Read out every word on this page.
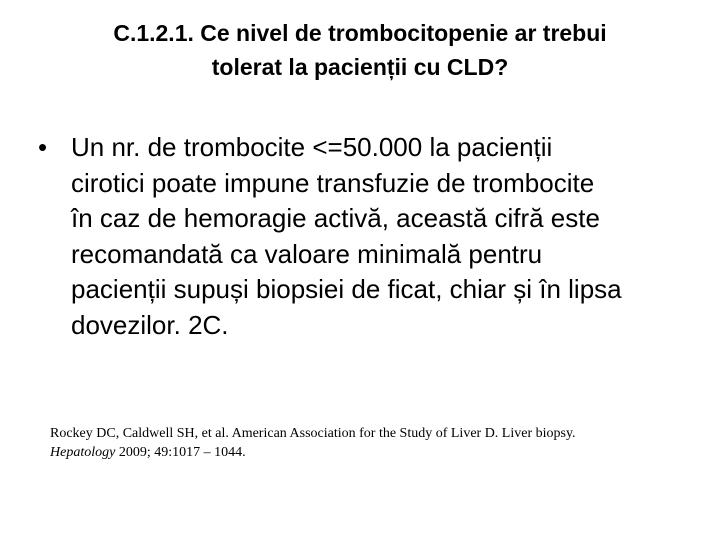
C.1.2.1. Ce nivel de trombocitopenie ar trebui
tolerat la pacienții cu CLD?
• Un nr. de trombocite <=50.000 la pacienții
cirotici poate impune transfuzie de trombocite
în caz de hemoragie activă, această cifră este
recomandată ca valoare minimală pentru
pacienții supuși biopsiei de ficat, chiar și în lipsa
dovezilor. 2C.
Rockey DC, Caldwell SH, et al. American Association for the Study of Liver D. Liver biopsy.
Hepatology 2009; 49:1017 – 1044.
